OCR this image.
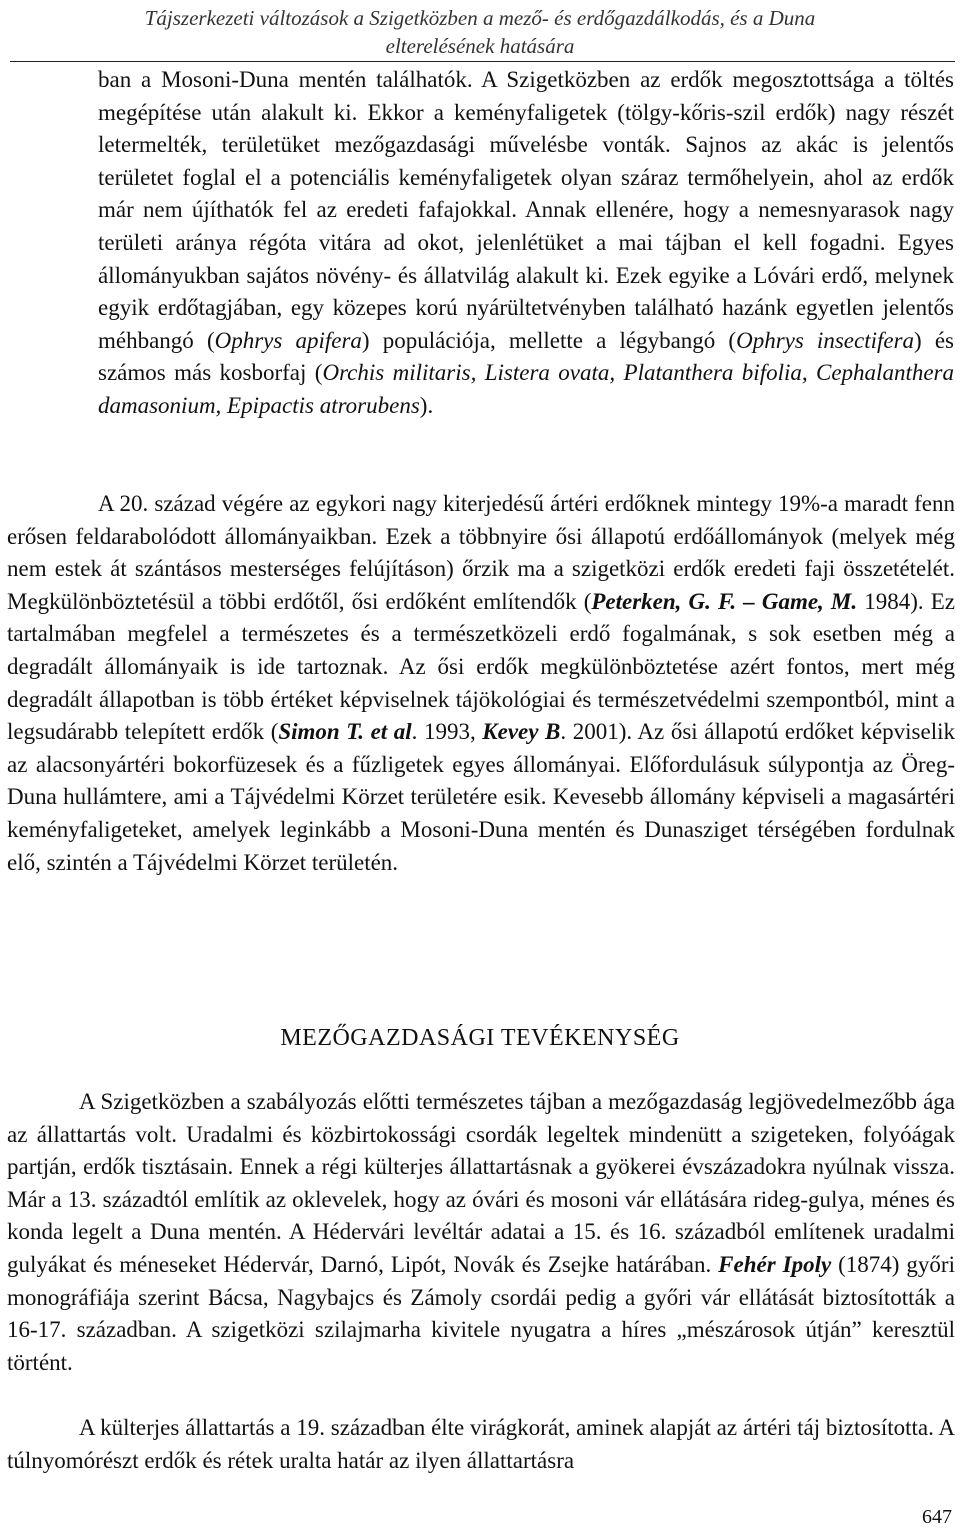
Tájszerkezeti változások a Szigetközben a mező- és erdőgazdálkodás, és a Duna
elterelésének hatására

ban a Mosoni-Duna mentén találhatók. A Szigetközben az erdők megosztottsága a töltés megépítése után alakult ki. Ekkor a keményfaligetek (tölgy-kőris-szil erdők) nagy részét letermelték, területüket mezőgazdasági művelésbe vonták. Sajnos az akác is jelentős területet foglal el a potenciális keményfaligetek olyan száraz termőhelyein, ahol az erdők már nem újíthatók fel az eredeti fafajokkal. Annak ellenére, hogy a nemesnyarasok nagy területi aránya régóta vitára ad okot, jelenlétüket a mai tájban el kell fogadni. Egyes állományukban sajátos növény- és állatvilág alakult ki. Ezek egyike a Lóvári erdő, melynek egyik erdőtagjában, egy közepes korú nyárültetvényben található hazánk egyetlen jelentős méhbangó (Ophrys apifera) populációja, mellette a légybangó (Ophrys insectifera) és számos más kosborfaj (Orchis militaris, Listera ovata, Platanthera bifolia, Cephalanthera damasonium, Epipactis atrorubens).

A 20. század végére az egykori nagy kiterjedésű ártéri erdőknek mintegy 19%-a maradt fenn erősen feldarabolódott állományaikban. Ezek a többnyire ősi állapotú erdőállományok (melyek még nem estek át szántásos mesterséges felújításon) őrzik ma a szigetközi erdők eredeti faji összetételét. Megkülönböztetésül a többi erdőtől, ősi erdőként említendők (Peterken, G. F. – Game, M. 1984). Ez tartalmában megfelel a természetes és a természetközeli erdő fogalmának, s sok esetben még a degradált állományaik is ide tartoznak. Az ősi erdők megkülönböztetése azért fontos, mert még degradált állapotban is több értéket képviselnek tájökológiai és természetvédelmi szempontból, mint a legsudárabb telepített erdők (Simon T. et al. 1993, Kevey B. 2001). Az ősi állapotú erdőket képviselik az alacsonyártéri bokorfüzesek és a fűzligetek egyes állományai. Előfordulásuk súlypontja az Öreg-Duna hullámtere, ami a Tájvédelmi Körzet területére esik. Kevesebb állomány képviseli a magasártéri keményfaligeteket, amelyek leginkább a Mosoni-Duna mentén és Dunasziget térségében fordulnak elő, szintén a Tájvédelmi Körzet területén.

MEZŐGAZDASÁGI TEVÉKENYSÉG

A Szigetközben a szabályozás előtti természetes tájban a mezőgazdaság legjövedelmezőbb ága az állattartás volt. Uradalmi és közbirtokossági csordák legeltek mindenütt a szigeteken, folyóágak partján, erdők tisztásain. Ennek a régi külterjes állattartásnak a gyökerei évszázadokra nyúlnak vissza. Már a 13. századtól említik az oklevelek, hogy az óvári és mosoni vár ellátására rideg-gulya, ménes és konda legelt a Duna mentén. A Hédervári levéltár adatai a 15. és 16. századból említenek uradalmi gulyákat és méneseket Hédervár, Darnó, Lipót, Novák és Zsejke határában. Fehér Ipoly (1874) győri monográfiája szerint Bácsa, Nagybajcs és Zámoly csordái pedig a győri vár ellátását biztosították a 16-17. században. A szigetközi szilajmarha kivitele nyugatra a híres „mészárosok útján” keresztül történt.

A külterjes állattartás a 19. században élte virágkorát, aminek alapját az ártéri táj biztosította. A túlnyomórészt erdők és rétek uralta határ az ilyen állattartásra

647
